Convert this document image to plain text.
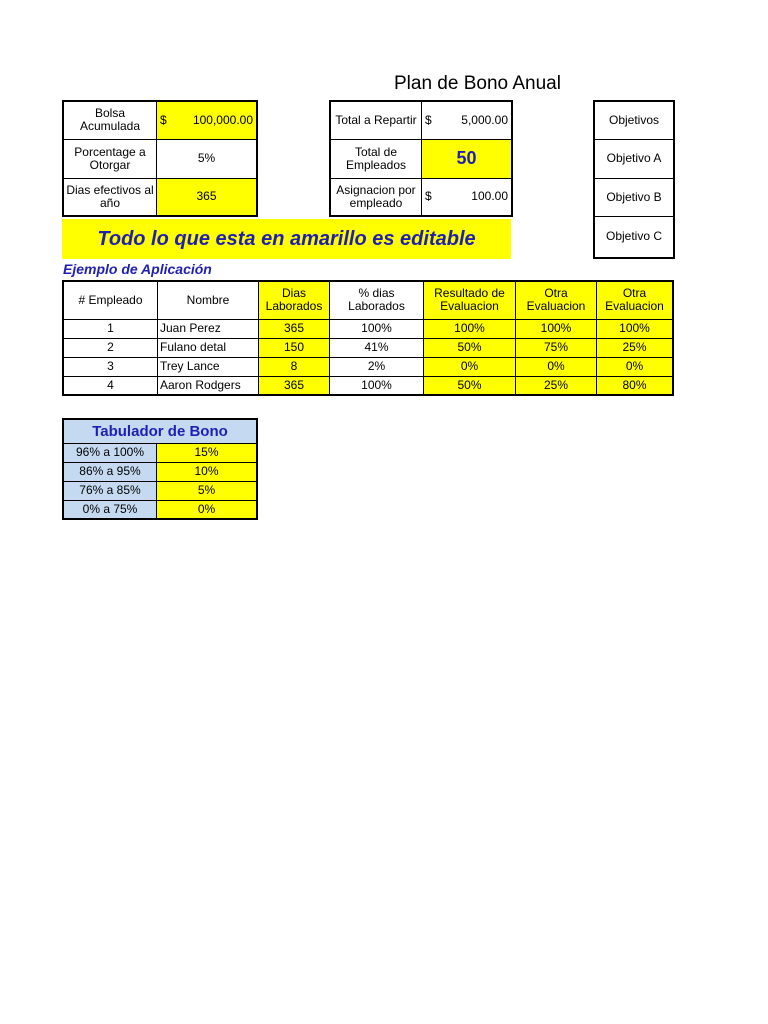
Plan de Bono Anual
Bolsa Acumulada	$ 100,000.00

Porcentage a Otorgar	5%
Dias efectivos al año	365
Total a Repartir	$ 5,000.00

Total de Empleados	50
Asignacion por empleado	$ 100.00
Objetivos
Objetivo A
Objetivo B
Objetivo C
Todo lo que esta en amarillo es editable
Ejemplo de Aplicación
# Empleado	Nombre	Dias Laborados	% dias Laborados	Resultado de Evaluacion	Otra Evaluacion	Otra Evaluacion
1	Juan Perez	365	100%	100%	100%	100%
2	Fulano detal	150	41%	50%	75%	25%
3	Trey Lance	8	2%	0%	0%	0%
4	Aaron Rodgers	365	100%	50%	25%	80%
Tabulador de Bono	
96% a 100%	15%
86% a 95%	10%
76% a 85%	5%
0% a 75%	0%
